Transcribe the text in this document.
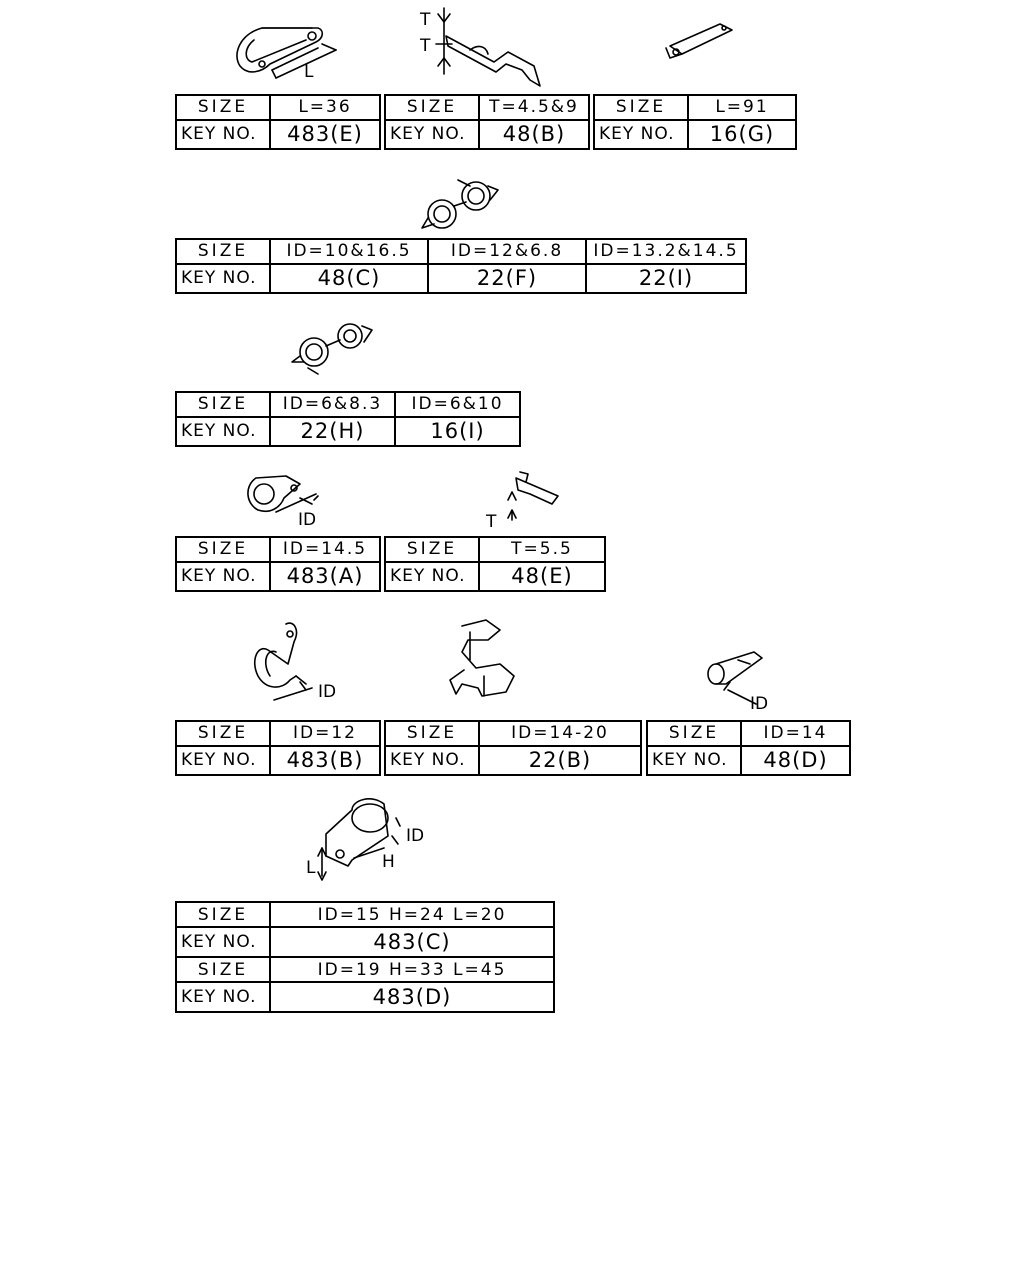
L
T
T
ID	T
ID
ID
ID
H
L
SIZE	L=36
KEY NO.	483(E)
SIZE	T=4.5&9
KEY NO.	48(B)
SIZE	L=91
KEY NO.	16(G)
SIZE	ID=10&16.5	ID=12&6.8	ID=13.2&14.5
KEY NO.	48(C)	22(F)	22(I)
SIZE	ID=6&8.3	ID=6&10
KEY NO.	22(H)	16(I)
SIZE	ID=14.5
KEY NO.	483(A)
SIZE	T=5.5
KEY NO.	48(E)
SIZE	ID=12
KEY NO.	483(B)
SIZE	ID=14-20
KEY NO.	22(B)
SIZE	ID=14
KEY NO.	48(D)
SIZE	ID=15 H=24 L=20
KEY NO.	483(C)
SIZE	ID=19 H=33 L=45
KEY NO.	483(D)
